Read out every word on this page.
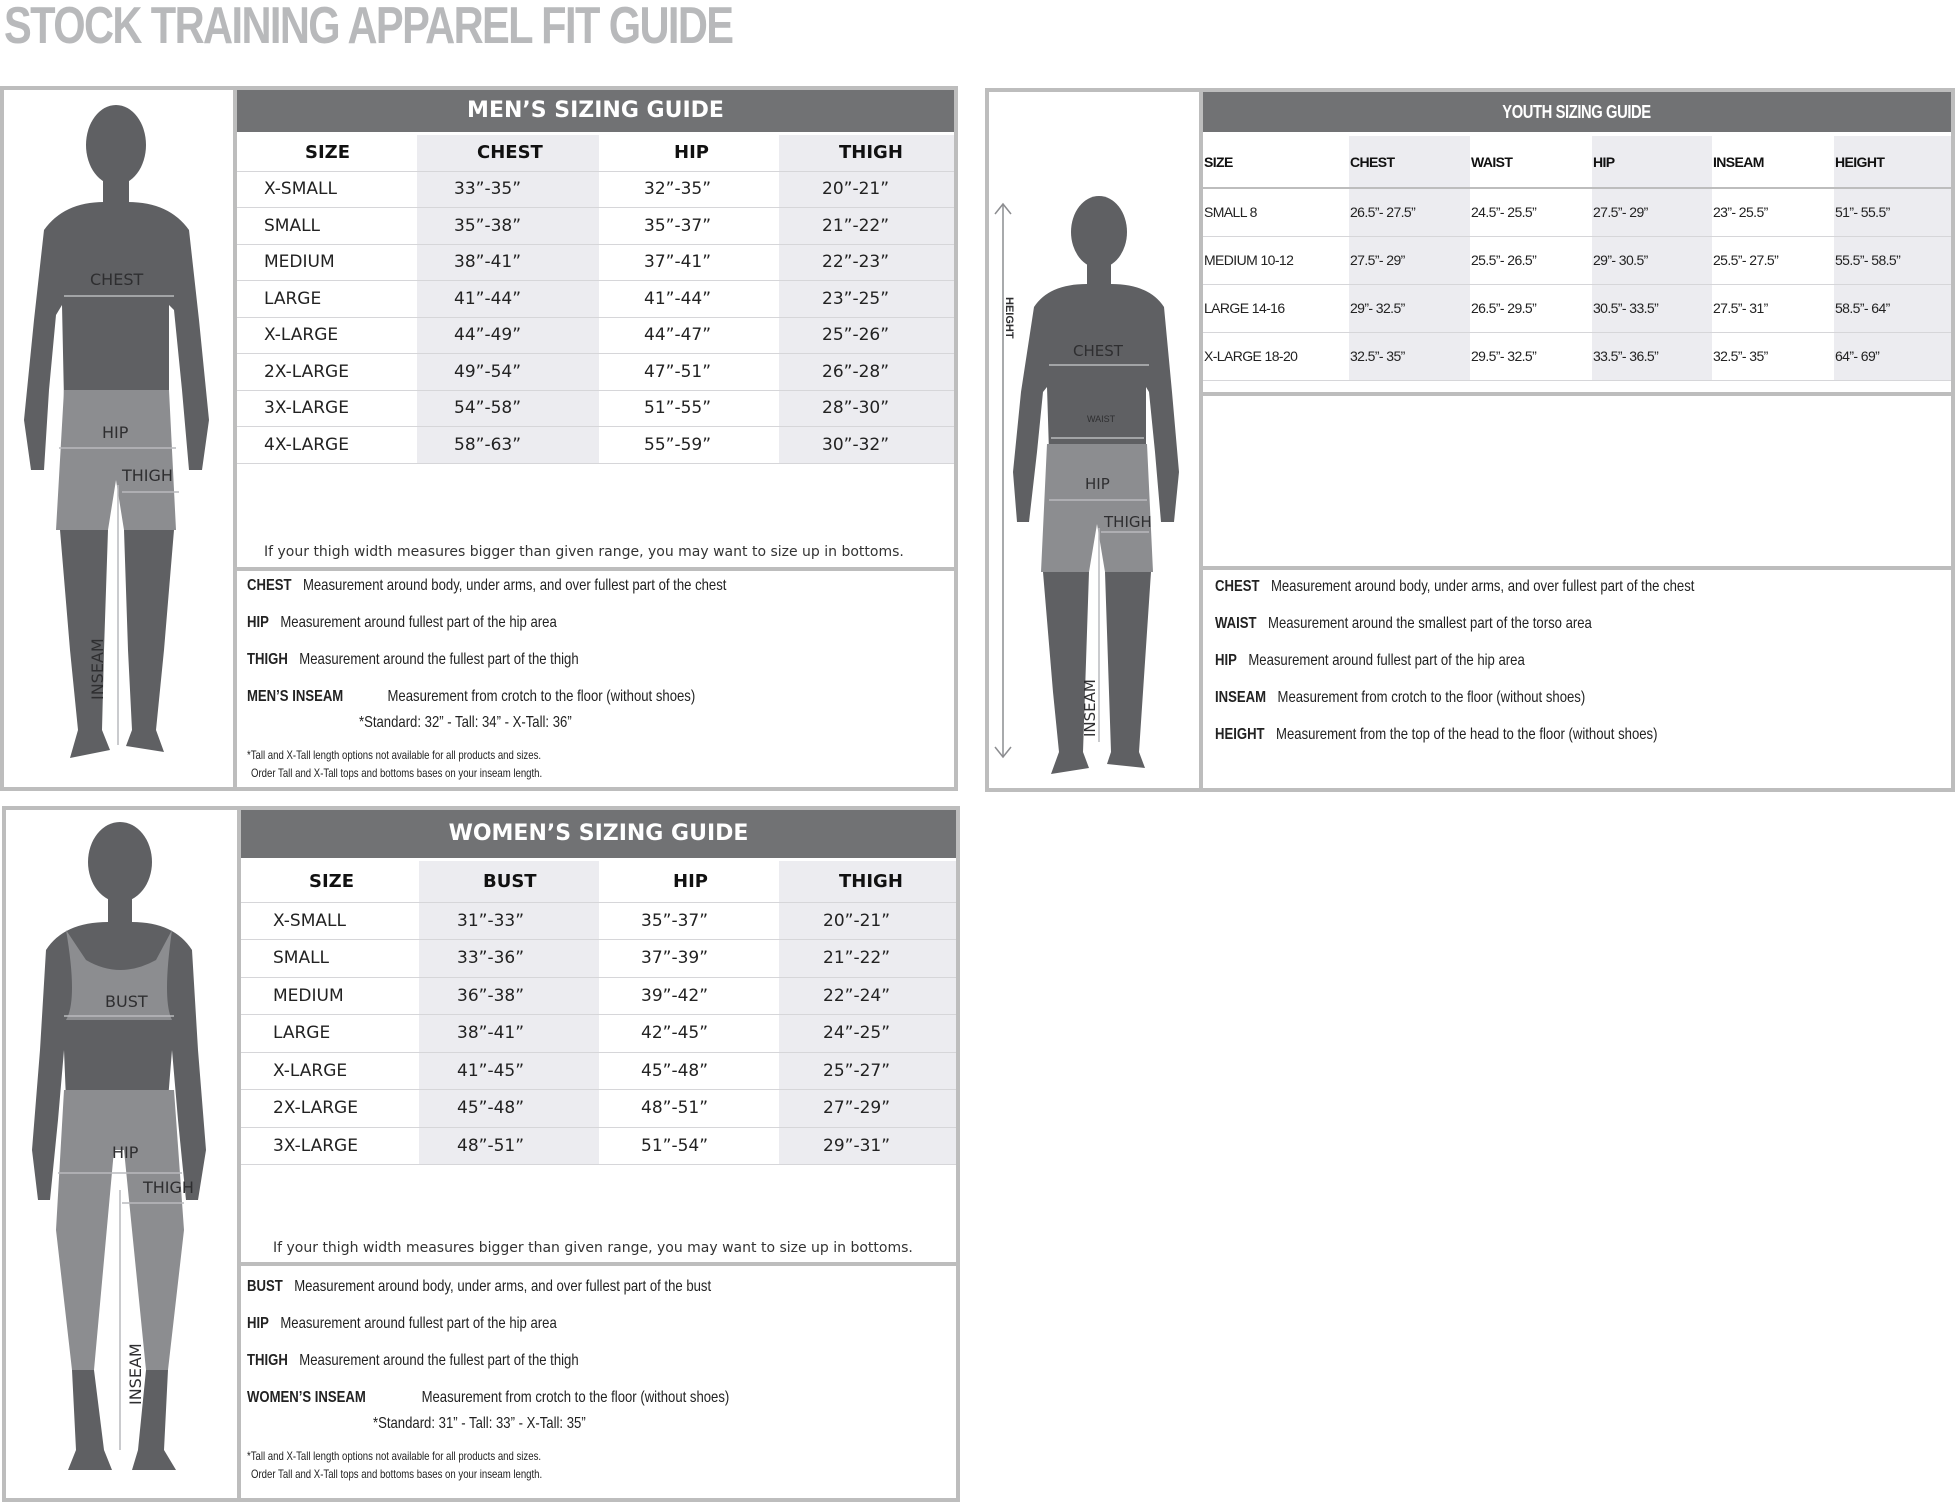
STOCK TRAINING APPAREL FIT GUIDE
CHEST
HIP
THIGH
INSEAM
MEN’S SIZING GUIDE
SIZE	CHEST	HIP	THIGH
X-SMALL	33”-35”	32”-35”	20”-21”
SMALL	35”-38”	35”-37”	21”-22”
MEDIUM	38”-41”	37”-41”	22”-23”
LARGE	41”-44”	41”-44”	23”-25”
X-LARGE	44”-49”	44”-47”	25”-26”
2X-LARGE	49”-54”	47”-51”	26”-28”
3X-LARGE	54”-58”	51”-55”	28”-30”
4X-LARGE	58”-63”	55”-59”	30”-32”
If your thigh width measures bigger than given range, you may want to size up in bottoms.
CHEST Measurement around body, under arms, and over fullest part of the chest
HIP Measurement around fullest part of the hip area
THIGH Measurement around the fullest part of the thigh
MEN’S INSEAM	Measurement from crotch to the floor (without shoes)
*Standard: 32” - Tall: 34” - X-Tall: 36”
*Tall and X-Tall length options not available for all products and sizes.
Order Tall and X-Tall tops and bottoms bases on your inseam length.
HEIGHT
CHEST
WAIST
HIP
THIGH
INSEAM
YOUTH SIZING GUIDE
SIZE	CHEST	WAIST	HIP	INSEAM	HEIGHT
SMALL 8	26.5”- 27.5”	24.5”- 25.5”	27.5”- 29”	23”- 25.5”	51”- 55.5”
MEDIUM 10-12	27.5”- 29”	25.5”- 26.5”	29”- 30.5”	25.5”- 27.5”	55.5”- 58.5”
LARGE 14-16	29”- 32.5”	26.5”- 29.5”	30.5”- 33.5”	27.5”- 31”	58.5”- 64”
X-LARGE 18-20	32.5”- 35”	29.5”- 32.5”	33.5”- 36.5”	32.5”- 35”	64”- 69”
CHEST Measurement around body, under arms, and over fullest part of the chest
WAIST Measurement around the smallest part of the torso area
HIP Measurement around fullest part of the hip area
INSEAM Measurement from crotch to the floor (without shoes)
HEIGHT Measurement from the top of the head to the floor (without shoes)
BUST
HIP
THIGH
INSEAM
WOMEN’S SIZING GUIDE
SIZE	BUST	HIP	THIGH
X-SMALL	31”-33”	35”-37”	20”-21”
SMALL	33”-36”	37”-39”	21”-22”
MEDIUM	36”-38”	39”-42”	22”-24”
LARGE	38”-41”	42”-45”	24”-25”
X-LARGE	41”-45”	45”-48”	25”-27”
2X-LARGE	45”-48”	48”-51”	27”-29”
3X-LARGE	48”-51”	51”-54”	29”-31”
If your thigh width measures bigger than given range, you may want to size up in bottoms.
BUST Measurement around body, under arms, and over fullest part of the bust
HIP Measurement around fullest part of the hip area
THIGH Measurement around the fullest part of the thigh
WOMEN’S INSEAM	Measurement from crotch to the floor (without shoes)
*Standard: 31” - Tall: 33” - X-Tall: 35”
*Tall and X-Tall length options not available for all products and sizes.
Order Tall and X-Tall tops and bottoms bases on your inseam length.
